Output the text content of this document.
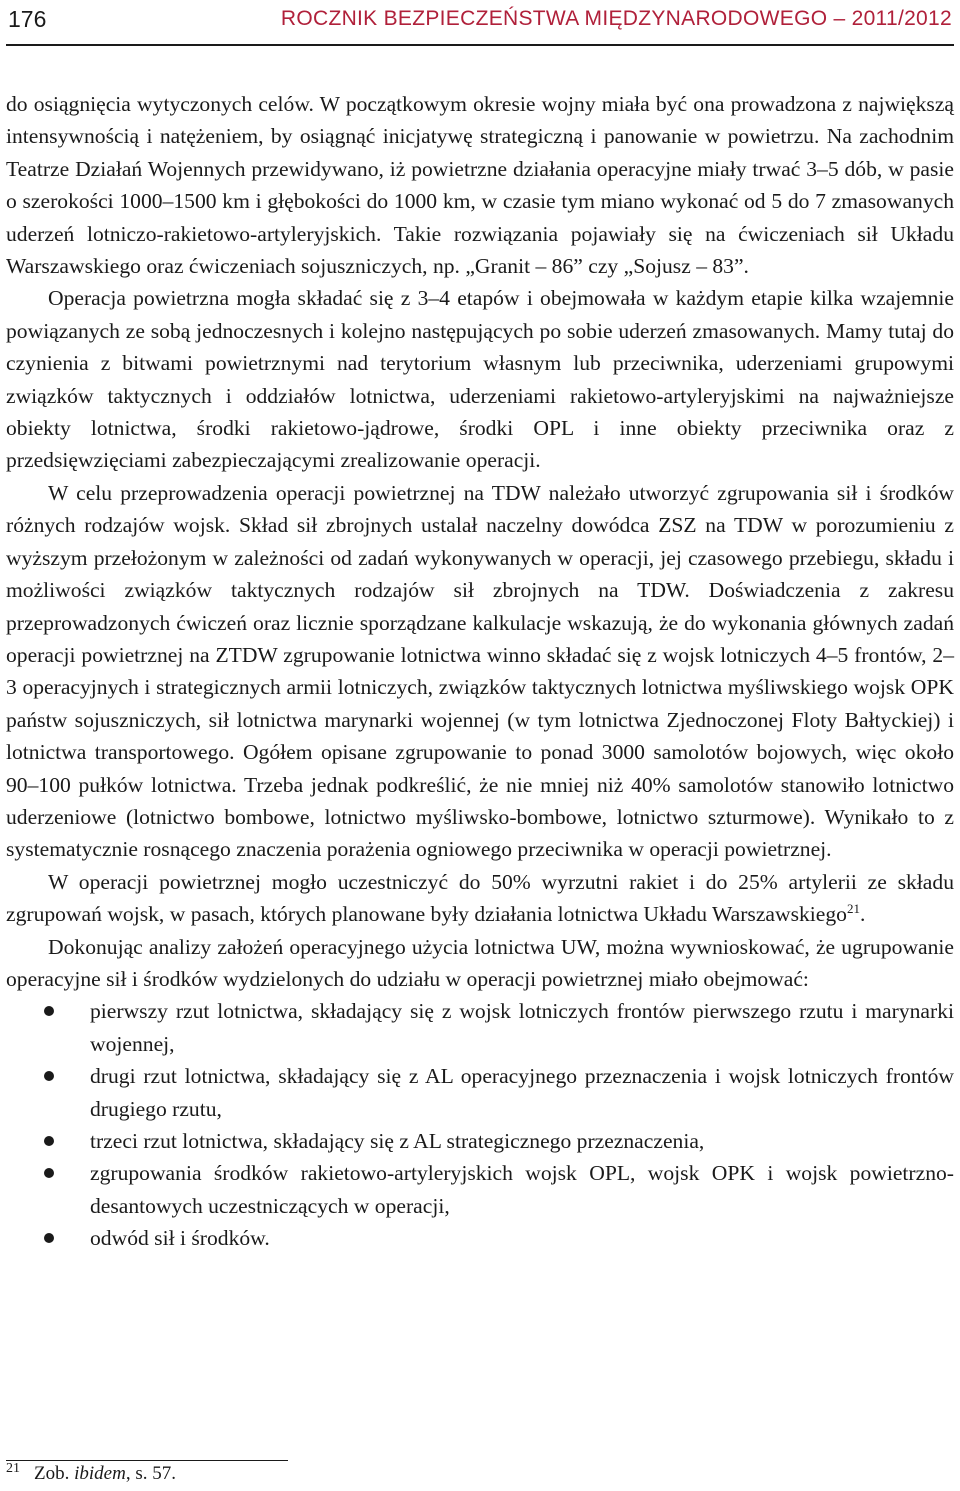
176	ROCZNIK BEZPIECZEŃSTWA MIĘDZYNARODOWEGO – 2011/2012

do osiągnięcia wytyczonych celów. W początkowym okresie wojny miała być ona prowadzona z największą intensywnością i natężeniem, by osiągnąć inicjatywę strategiczną i panowanie w powietrzu. Na zachodnim Teatrze Działań Wojennych przewidywano, iż powietrzne działania operacyjne miały trwać 3–5 dób, w pasie o szerokości 1000–1500 km i głębokości do 1000 km, w czasie tym miano wykonać od 5 do 7 zmasowanych uderzeń lotniczo-rakietowo-artyleryjskich. Takie rozwiązania pojawiały się na ćwiczeniach sił Układu Warszawskiego oraz ćwiczeniach sojuszniczych, np. „Granit – 86” czy „Sojusz – 83”.

Operacja powietrzna mogła składać się z 3–4 etapów i obejmowała w każdym etapie kilka wzajemnie powiązanych ze sobą jednoczesnych i kolejno następujących po sobie uderzeń zmasowanych. Mamy tutaj do czynienia z bitwami powietrznymi nad terytorium własnym lub przeciwnika, uderzeniami grupowymi związków taktycznych i oddziałów lotnictwa, uderzeniami rakietowo-artyleryjskimi na najważniejsze obiekty lotnictwa, środki rakietowo-jądrowe, środki OPL i inne obiekty przeciwnika oraz z przedsięwzięciami zabezpieczającymi zrealizowanie operacji.

W celu przeprowadzenia operacji powietrznej na TDW należało utworzyć zgrupowania sił i środków różnych rodzajów wojsk. Skład sił zbrojnych ustalał naczelny dowódca ZSZ na TDW w porozumieniu z wyższym przełożonym w zależności od zadań wykonywanych w operacji, jej czasowego przebiegu, składu i możliwości związków taktycznych rodzajów sił zbrojnych na TDW. Doświadczenia z zakresu przeprowadzonych ćwiczeń oraz licznie sporządzane kalkulacje wskazują, że do wykonania głównych zadań operacji powietrznej na ZTDW zgrupowanie lotnictwa winno składać się z wojsk lotniczych 4–5 frontów, 2–3 operacyjnych i strategicznych armii lotniczych, związków taktycznych lotnictwa myśliwskiego wojsk OPK państw sojuszniczych, sił lotnictwa marynarki wojennej (w tym lotnictwa Zjednoczonej Floty Bałtyckiej) i lotnictwa transportowego. Ogółem opisane zgrupowanie to ponad 3000 samolotów bojowych, więc około 90–100 pułków lotnictwa. Trzeba jednak podkreślić, że nie mniej niż 40% samolotów stanowiło lotnictwo uderzeniowe (lotnictwo bombowe, lotnictwo myśliwsko-bombowe, lotnictwo szturmowe). Wynikało to z systematycznie rosnącego znaczenia porażenia ogniowego przeciwnika w operacji powietrznej.

W operacji powietrznej mogło uczestniczyć do 50% wyrzutni rakiet i do 25% artylerii ze składu zgrupowań wojsk, w pasach, których planowane były działania lotnictwa Układu Warszawskiego$^{21}$.

Dokonując analizy założeń operacyjnego użycia lotnictwa UW, można wywnioskować, że ugrupowanie operacyjne sił i środków wydzielonych do udziału w operacji powietrznej miało obejmować:

pierwszy rzut lotnictwa, składający się z wojsk lotniczych frontów pierwszego rzutu i marynarki wojennej,
drugi rzut lotnictwa, składający się z AL operacyjnego przeznaczenia i wojsk lotniczych frontów drugiego rzutu,
trzeci rzut lotnictwa, składający się z AL strategicznego przeznaczenia,
zgrupowania środków rakietowo-artyleryjskich wojsk OPL, wojsk OPK i wojsk powietrzno-desantowych uczestniczących w operacji,
odwód sił i środków.
21 Zob. ibidem, s. 57.
